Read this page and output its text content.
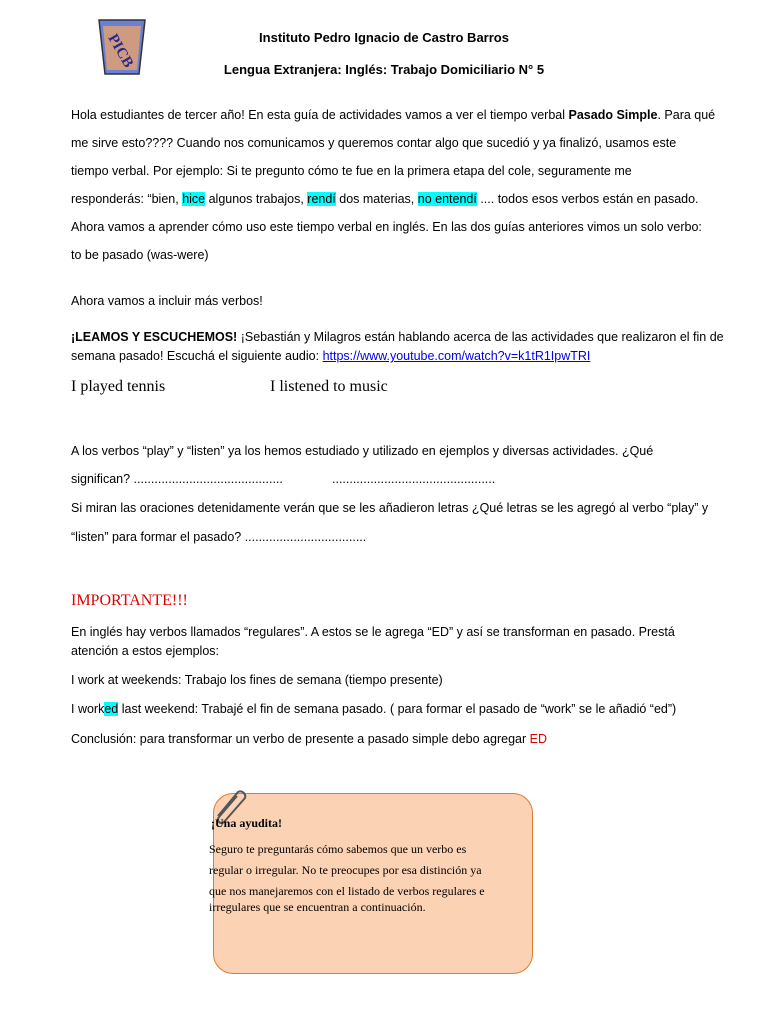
PICB	Instituto Pedro Ignacio de Castro Barros
Lengua Extranjera: Inglés: Trabajo Domiciliario N° 5
Hola estudiantes de tercer año! En esta guía de actividades vamos a ver el tiempo verbal Pasado Simple. Para qué
me sirve esto???? Cuando nos comunicamos y queremos contar algo que sucedió y ya finalizó, usamos este
tiempo verbal. Por ejemplo: Si te pregunto cómo te fue en la primera etapa del cole, seguramente me
responderás: “bien, hice algunos trabajos, rendí dos materias, no entendí .... todos esos verbos están en pasado.
Ahora vamos a aprender cómo uso este tiempo verbal en inglés. En las dos guías anteriores vimos un solo verbo:
to be pasado (was-were)
Ahora vamos a incluir más verbos!
¡LEAMOS Y ESCUCHEMOS! ¡Sebastián y Milagros están hablando acerca de las actividades que realizaron el fin de
semana pasado! Escuchá el siguiente audio: https://www.youtube.com/watch?v=k1tR1IpwTRI
I played tennis	I listened to music
A los verbos “play” y “listen” ya los hemos estudiado y utilizado en ejemplos y diversas actividades. ¿Qué
significan? ...........................................	...............................................
Si miran las oraciones detenidamente verán que se les añadieron letras ¿Qué letras se les agregó al verbo “play” y
“listen” para formar el pasado? ...................................
IMPORTANTE!!!
En inglés hay verbos llamados “regulares”. A estos se le agrega “ED” y así se transforman en pasado. Prestá
atención a estos ejemplos:
I work at weekends: Trabajo los fines de semana (tiempo presente)
I worked last weekend: Trabajé el fin de semana pasado. ( para formar el pasado de “work” se le añadió “ed”)
Conclusión: para transformar un verbo de presente a pasado simple debo agregar ED
¡Una ayudita!
Seguro te preguntarás cómo sabemos que un verbo es
regular o irregular. No te preocupes por esa distinción ya
que nos manejaremos con el listado de verbos regulares e
irregulares que se encuentran a continuación.
